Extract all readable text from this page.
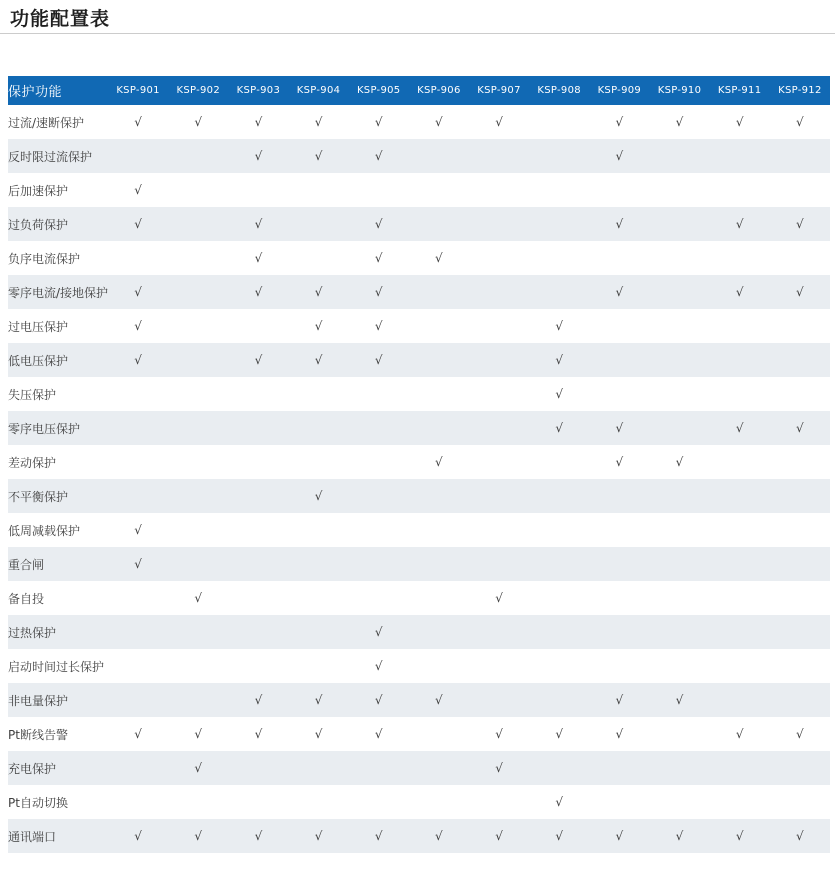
功能配置表
保护功能	KSP-901	KSP-902	KSP-903	KSP-904	KSP-905	KSP-906	KSP-907	KSP-908	KSP-909	KSP-910	KSP-911	KSP-912
过流/速断保护	√	√	√	√	√	√	√		√	√	√	√
反时限过流保护			√	√	√				√			
后加速保护	√											
过负荷保护	√		√		√				√		√	√
负序电流保护			√		√	√						
零序电流/接地保护	√		√	√	√				√		√	√
过电压保护	√			√	√			√				
低电压保护	√		√	√	√			√				
失压保护								√				
零序电压保护								√	√		√	√
差动保护						√			√	√		
不平衡保护				√								
低周减载保护	√											
重合闸	√											
备自投		√					√					
过热保护					√							
启动时间过长保护					√							
非电量保护			√	√	√	√			√	√		
Pt断线告警	√	√	√	√	√		√	√	√		√	√
充电保护		√					√					
Pt自动切换								√				
通讯端口	√	√	√	√	√	√	√	√	√	√	√	√
